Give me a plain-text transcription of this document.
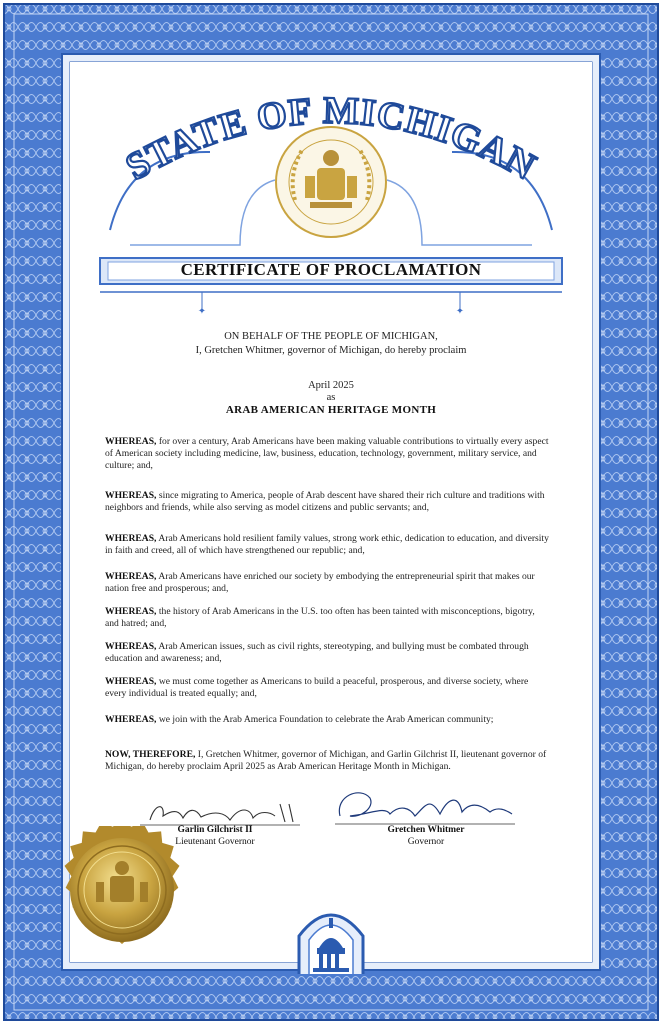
✦	✦
STATE OF MICHIGAN
CERTIFICATE OF PROCLAMATION
ON BEHALF OF THE PEOPLE OF MICHIGAN,
I, Gretchen Whitmer, governor of Michigan, do hereby proclaim
April 2025
as
ARAB AMERICAN HERITAGE MONTH

WHEREAS, for over a century, Arab Americans have been making valuable contributions to virtually every aspect of American society including medicine, law, business, education, technology, government, military service, and culture; and,

WHEREAS, since migrating to America, people of Arab descent have shared their rich culture and traditions with neighbors and friends, while also serving as model citizens and public servants; and,

WHEREAS, Arab Americans hold resilient family values, strong work ethic, dedication to education, and diversity in faith and creed, all of which have strengthened our republic; and,

WHEREAS, Arab Americans have enriched our society by embodying the entrepreneurial spirit that makes our nation free and prosperous; and,

WHEREAS, the history of Arab Americans in the U.S. too often has been tainted with misconceptions, bigotry, and hatred; and,

WHEREAS, Arab American issues, such as civil rights, stereotyping, and bullying must be combated through education and awareness; and,

WHEREAS, we must come together as Americans to build a peaceful, prosperous, and diverse society, where every individual is treated equally; and,

WHEREAS, we join with the Arab America Foundation to celebrate the Arab American community;

NOW, THEREFORE, I, Gretchen Whitmer, governor of Michigan, and Garlin Gilchrist II, lieutenant governor of Michigan, do hereby proclaim April 2025 as Arab American Heritage Month in Michigan.

Garlin Gilchrist II
Lieutenant Governor
Gretchen Whitmer
Governor
